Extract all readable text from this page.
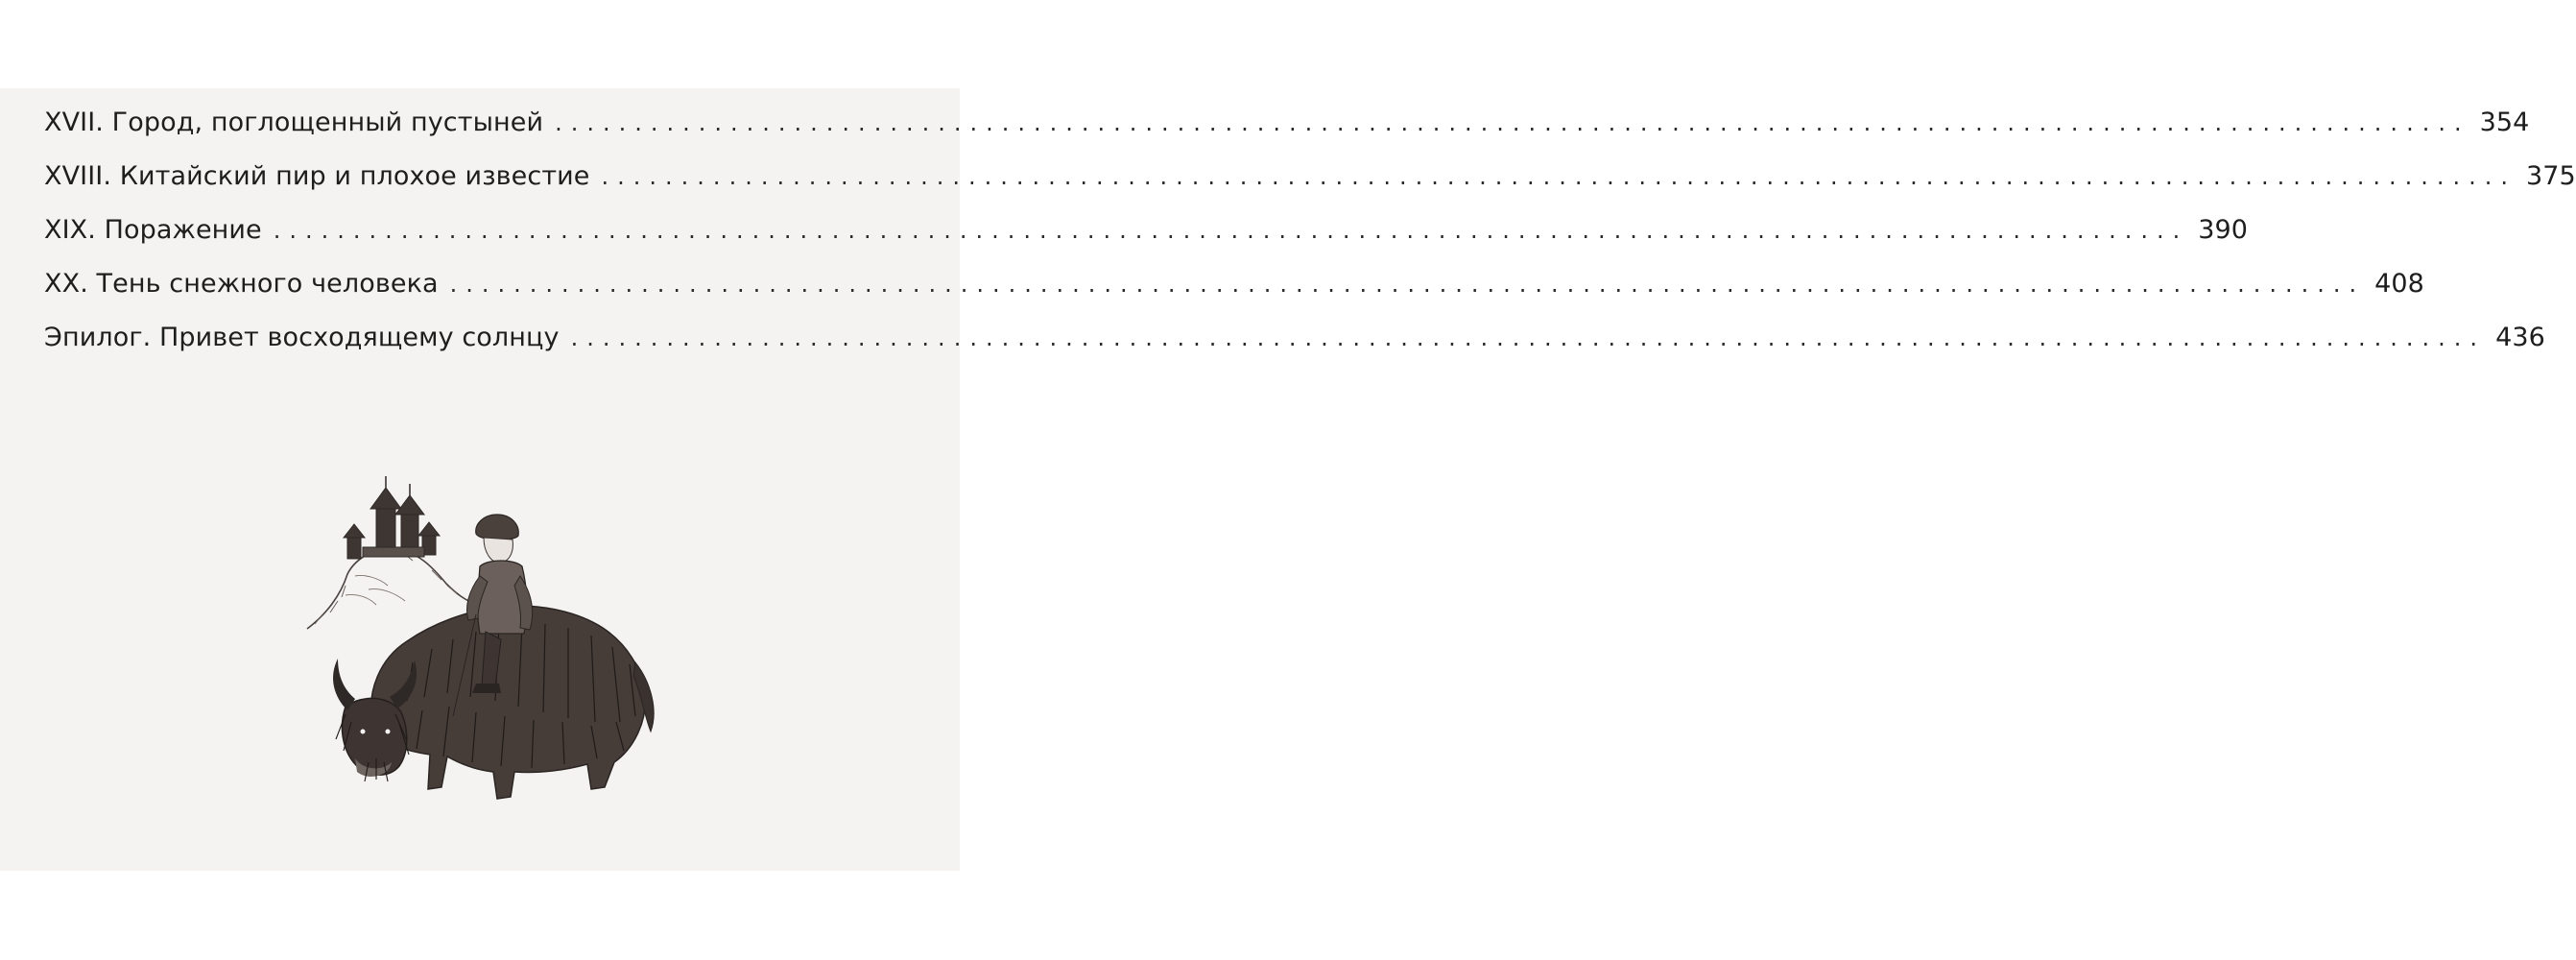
XVII. Город, поглощенный пустыней ........................................................................................................................ 354
XVIII. Китайский пир и плохое известие ........................................................................................................................ 375
XIX. Поражение ........................................................................................................................ 390
XX. Тень снежного человека ........................................................................................................................ 408
Эпилог. Привет восходящему солнцу ........................................................................................................................ 436
